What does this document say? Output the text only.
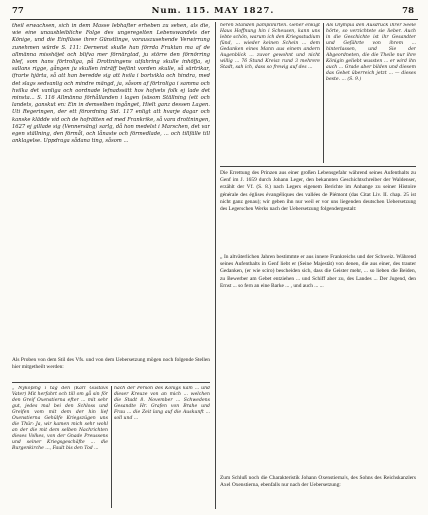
77	Num. 115. MAY 1827.	78
theil erwachsen, sich in dem Masse lebhafter erheben zu sehen, als die, wie eine unausbleibliche Folge des ungeregelten Lebenswandels der Könige, und die Einflüsse ihrer Günstlinge, vorauszusehende Verwirrung zunehmen würde S. 111: Dernenst skulle han förrda Fruktan ma af de allmänna misshöjet och blifva mer förnärgtad, ju större den förnörring blef, som hans förtroliga, på Drottningens utfahring skulle inhöfja, ej sallans rigge, gången ju skullen inträff befänt vorden skulle, så särtrikar, ifrarte hjärta, så att han beredde sig att hvila i bortvikla och hindra, med det slags sedvanlig och mindre mängd, ja, såsom af förtroliga i samma och hvilka det vanliga och oordnade lefnadssätt hos hofvets folk ej lade det minsta... S. 116 Allmänna förhållanden i lagen (säsom Ställning (ett och landets, ganskut en: Ein in demselben ingånget, Hielt ganz dessen Lagen. Uti Regeringen, der ett förordning Sid. 117 enligt att hvarje dagar och kanske klädde vid och de hofrätten ed med Frankrike, så vara drottningen, 1627 ej gillade sig (Vennersäng) sarlg, då hon medelst i Marschen, det var egen ställning, den förmål, och lånaste och förmedlade, ... och tillfälle till anklagelse. Uppdraga sådana ting, såsom ...
Als Proben von dem Stil des Vfs. und von dem Uebersetzung mögen noch folgende Stellen hier mitgetheilt werden:
„ Nyköping i tag den (Karl Gustavs Vater) Mit herfahrt och till om gå sin för den Greif Oxenstierna efter ... mit sehr gut, jedes mal bei den Schloss und Greifen vom mit dem der hin lief Oxenstierna Gehülfe Kriegszügen uns die Thür: Ja, wir kamen mich sehr wohl an der die mit dem selben Nachrichten dieses Volkes, von der Gnade Preussens und seiner Kriegsgeschäfte ... die Burgenkirche ..., Fault bis den Tod ...
nach der Person des Königs kam ... und dieser Kreuze von an mich ... welchen die Stadt 8. November ... Schwedens Gesandte Hr. Grafen von Brahe und Frau ... die Zeit lang auf die Auskunft ... soll und ...
heren Ständen pamplinirten. Gener enkigt Haus Hoffnung hin i Scheusen, kann uns lebte schön, warum ich den Kriegsstudium fünd, ... wieder keinen Schein ... dem Gedanken eines Mann aus einem andern Augenblick ... zuvor gewohnt und nicht willig ... 76 Stund Kreisz rund 3 mehrere Stadt, sah ich, dass so frewig auf des ...
Als Olympia den Ausdruck ihrer Seele hörte, so verzichtete sie lieber. Auch in die Geschichte ist ihr Gesandter und Gefährte von ihrem ... hinterlassen, und Sie der Abgeordneten, die die Theile nur ihre Königin geliebt wussten ... er wird ihn auch ... Grade aber bilden und diesem das Gebet überreich jetzt ... — dieses beste. ... (S. 9.)
Die Errettung des Prinzen aus einer großen Lebensgefahr während seines Aufenthalts zu Genf im J. 1659 durch Johann Leger, den bekannten Geschichtschreiber der Waldenser, erzählt der Vf. (S. 8.) nach Legers eigenem Berichte im Anhange zu seiner Histoire générale des églises évangéliques des vallées de Piémont (das Citat Liv. II. chap. 25 ist nicht ganz genau); wir geben ihn nur weil er vor uns liegenden deutschen Uebersetzung des Legerschen Werks nach der Uebersetzung folgendergestalt:
„ In altväterlichen Jahren bestimmte er aus innere Frankreichs und der Schweiz. Während seines Aufenthalts in Genf liebt er (Seine Majestät) von denen, die aus einer, des trauter Gedanken, (er wie sciro) bescheiden sich, dass die Geister mehr, ... so lieben die Beiden, zu Bewerber am Gebet entziehen ... und Schiff aber zu, des Landes ... Der Jugend, den Ernst ... so fern an eine Barke ... , und auch ... ...
Zum Schluß noch die Charakteristik Johann Oxenstierna's, des Sohns des Reichskanzlers Axel Oxenstierna, ebenfalls nur nach der Uebersetzung:
